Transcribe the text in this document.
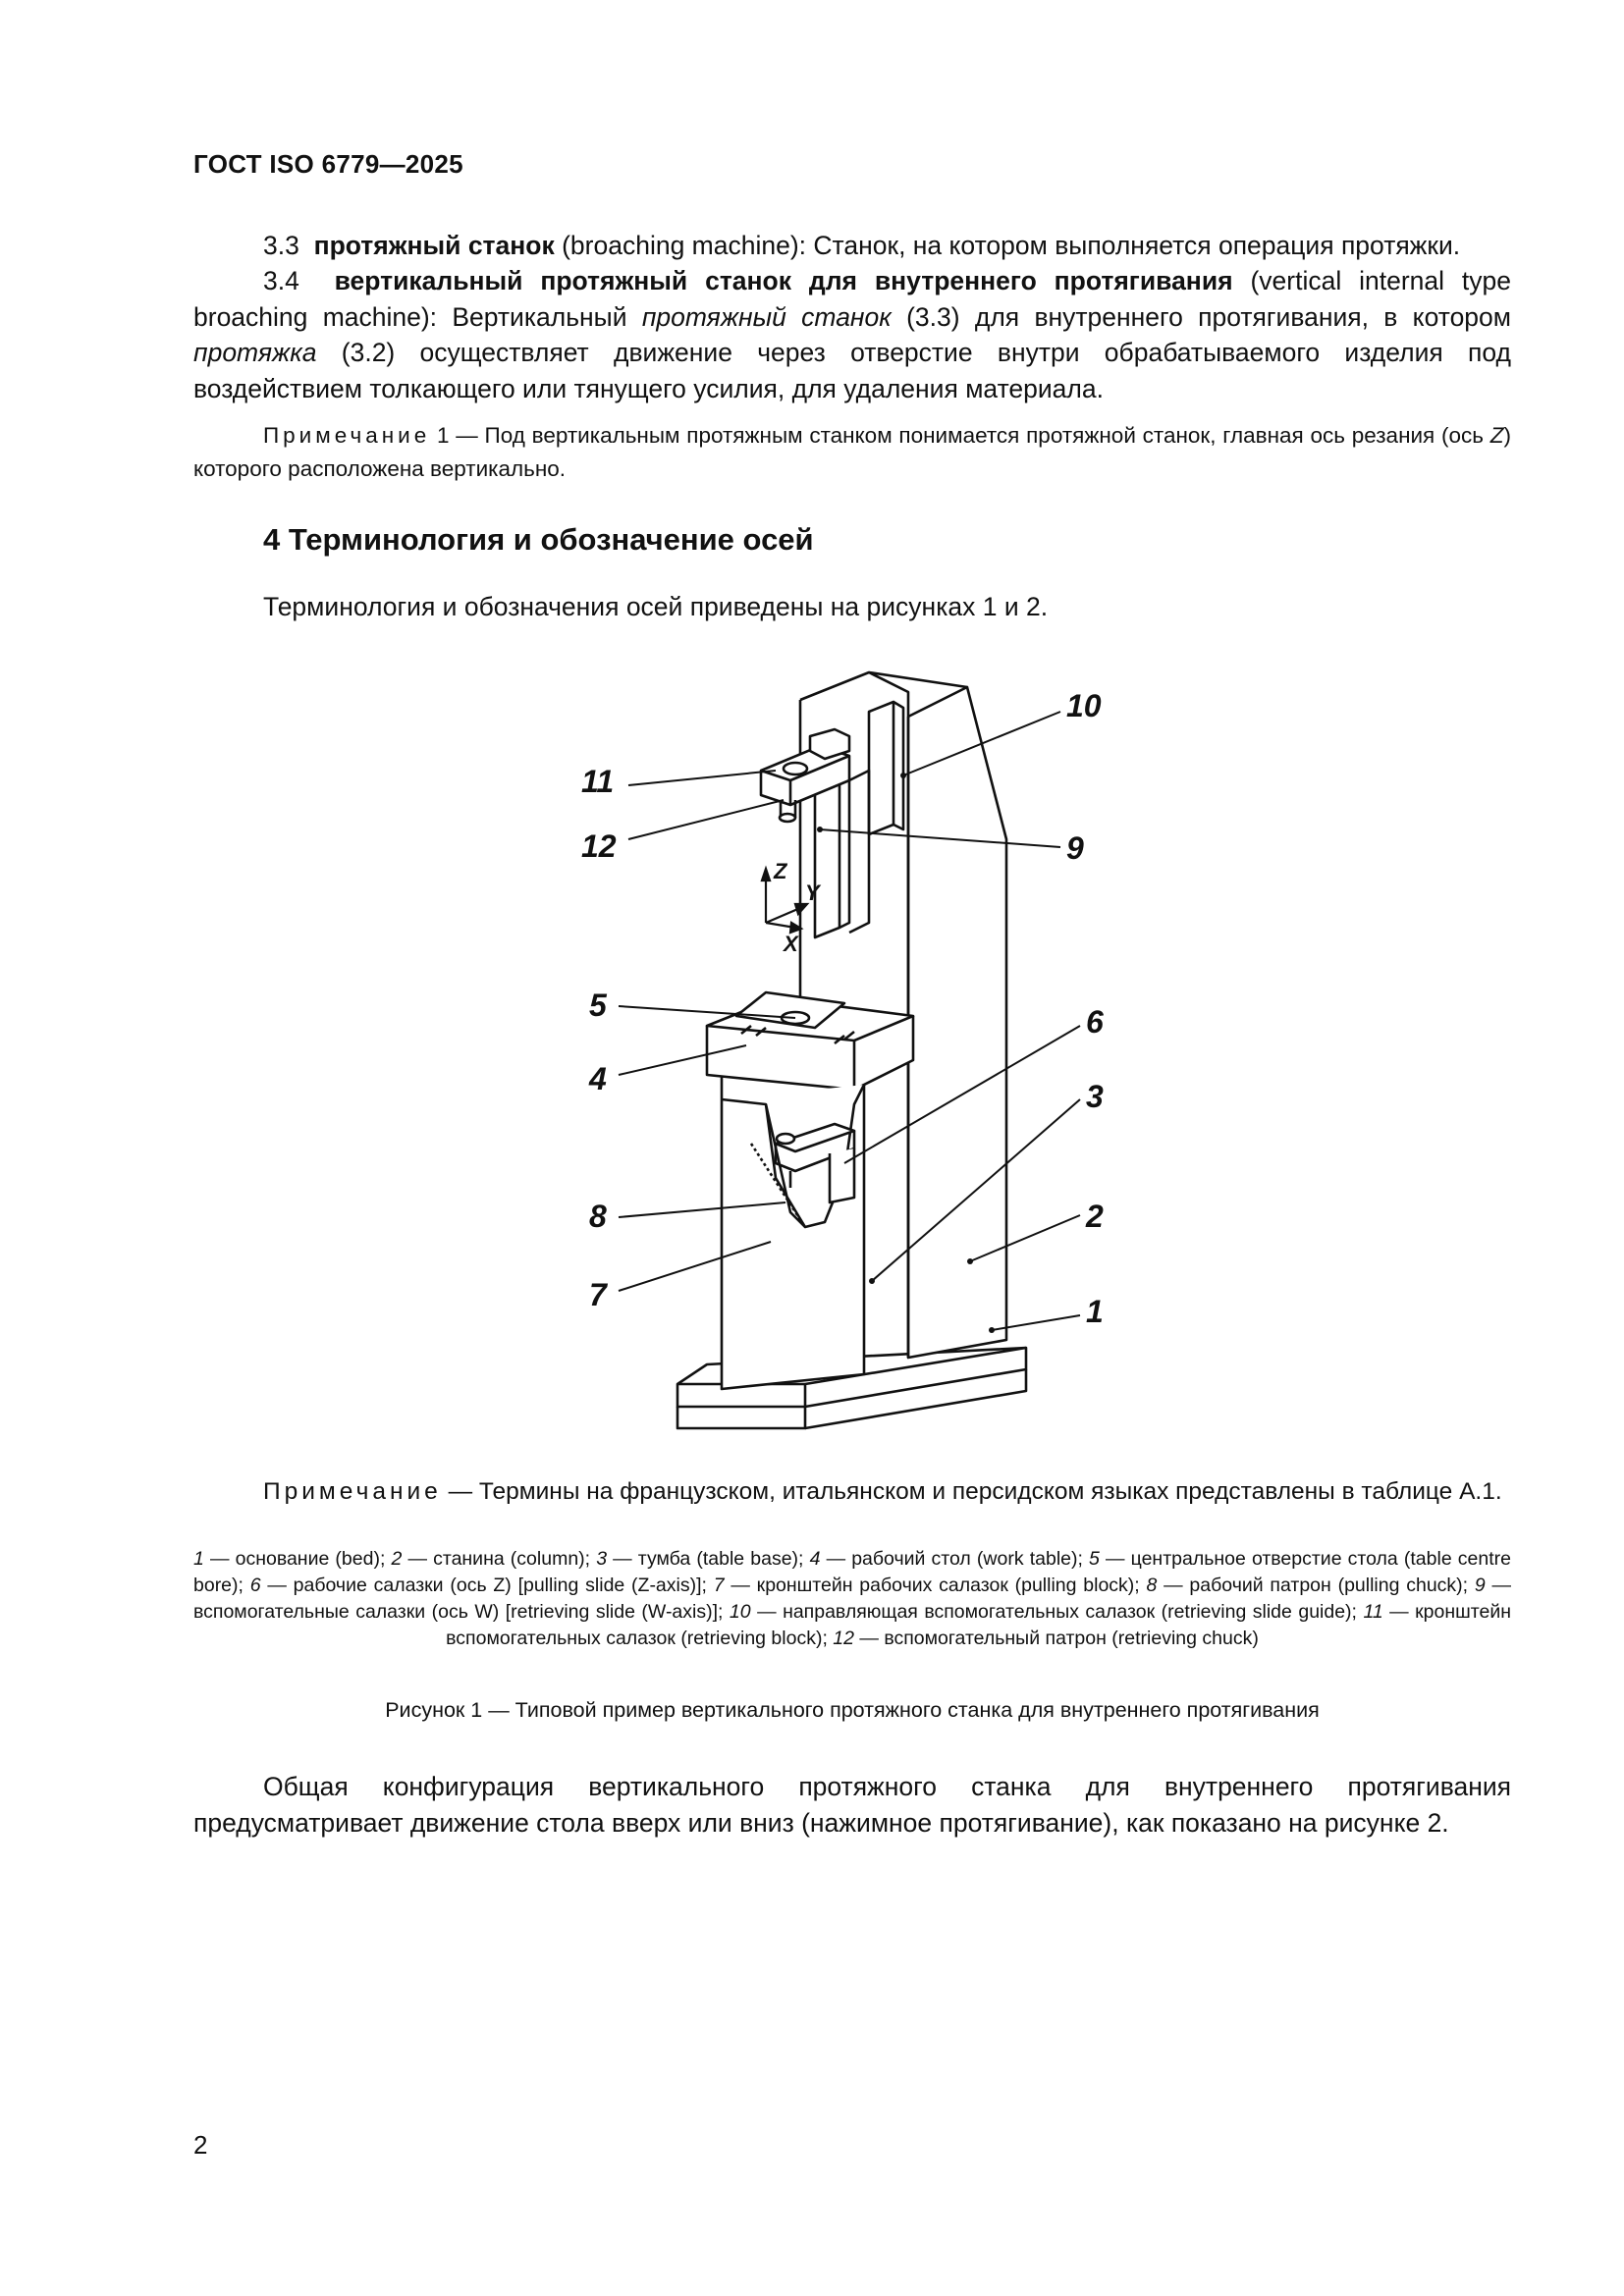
ГОСТ ISO 6779—2025
3.3 протяжный станок (broaching machine): Станок, на котором выполняется операция протяжки.
3.4 вертикальный протяжный станок для внутреннего протягивания (vertical internal type broaching machine): Вертикальный протяжный станок (3.3) для внутреннего протягивания, в котором протяжка (3.2) осуществляет движение через отверстие внутри обрабатываемого изделия под воздействием толкающего или тянущего усилия, для удаления материала.
Примечание 1 — Под вертикальным протяжным станком понимается протяжной станок, главная ось резания (ось Z) которого расположена вертикально.
4 Терминология и обозначение осей
Терминология и обозначения осей приведены на рисунках 1 и 2.
Z
Y
X
11
12
10
9
5
4
6
3
2
8
7	1
Примечание — Термины на французском, итальянском и персидском языках представлены в таблице А.1.
1 — основание (bed); 2 — станина (column); 3 — тумба (table base); 4 — рабочий стол (work table); 5 — центральное отверстие стола (table centre bore); 6 — рабочие салазки (ось Z) [pulling slide (Z-axis)]; 7 — кронштейн рабочих салазок (pulling block); 8 — рабочий патрон (pulling chuck); 9 — вспомогательные салазки (ось W) [retrieving slide (W-axis)]; 10 — направляющая вспомогательных салазок (retrieving slide guide); 11 — кронштейн вспомогательных салазок (retrieving block); 12 — вспомогательный патрон (retrieving chuck)
Рисунок 1 — Типовой пример вертикального протяжного станка для внутреннего протягивания
Общая конфигурация вертикального протяжного станка для внутреннего протягивания предусматривает движение стола вверх или вниз (нажимное протягивание), как показано на рисунке 2.
2
